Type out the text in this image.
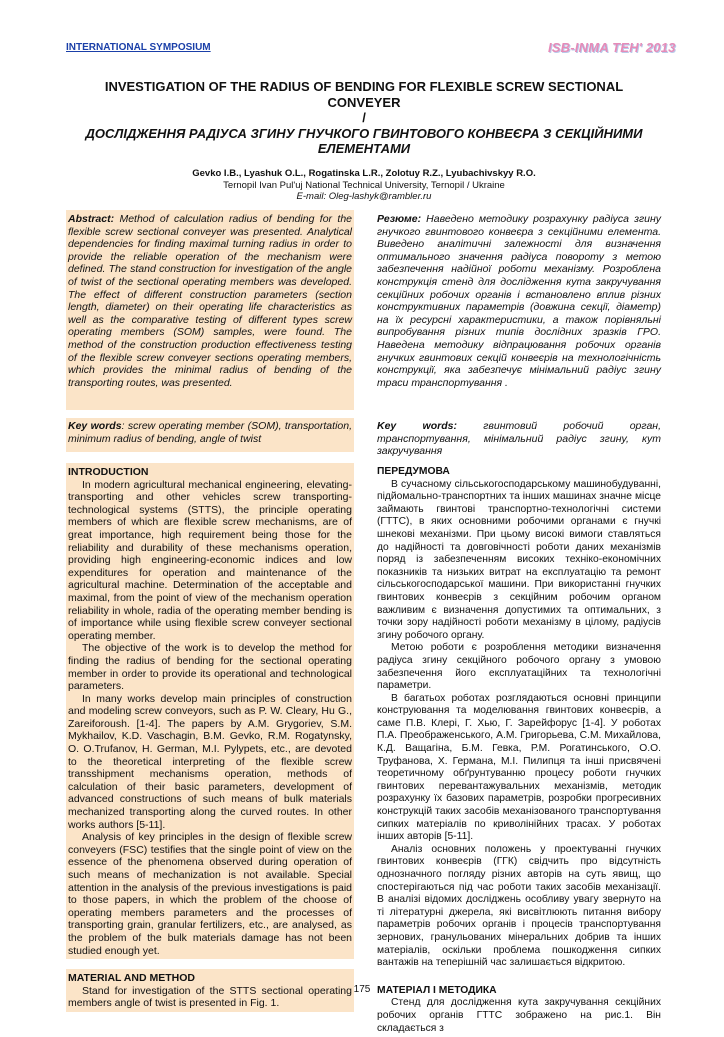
INTERNATIONAL SYMPOSIUM	ISB-INMA TEH' 2013
INVESTIGATION OF THE RADIUS OF BENDING FOR FLEXIBLE SCREW SECTIONAL
CONVEYER
/
ДОСЛІДЖЕННЯ РАДІУСА ЗГИНУ ГНУЧКОГО ГВИНТОВОГО КОНВЕЄРА З СЕКЦІЙНИМИ
ЕЛЕМЕНТАМИ
Gevko I.B., Lyashuk O.L., Rogatinska L.R., Zolotuy R.Z., Lyubachivskyy R.O.
Ternopil Ivan Pul'uj National Technical University, Ternopil / Ukraine
E-mail: Oleg-lashyk@rambler.ru
Abstract: Method of calculation radius of bending for the flexible screw sectional conveyer was presented. Analytical dependencies for finding maximal turning radius in order to provide the reliable operation of the mechanism were defined. The stand construction for investigation of the angle of twist of the sectional operating members was developed. The effect of different construction parameters (section length, diameter) on their operating life characteristics as well as the comparative testing of different types screw operating members (SOM) samples, were found. The method of the construction production effectiveness testing of the flexible screw conveyer sections operating members, which provides the minimal radius of bending of the transporting routes, was presented.
Key words: screw operating member (SOM), transportation, minimum radius of bending, angle of twist
INTRODUCTION
In modern agricultural mechanical engineering, elevating-transporting and other vehicles screw transporting-technological systems (STTS), the principle operating members of which are flexible screw mechanisms, are of great importance, high requirement being those for the reliability and durability of these mechanisms operation, providing high engineering-economic indices and low expenditures for operation and maintenance of the agricultural machine. Determination of the acceptable and maximal, from the point of view of the mechanism operation reliability in whole, radia of the operating member bending is of importance while using flexible screw conveyer sectional operating member.
The objective of the work is to develop the method for finding the radius of bending for the sectional operating member in order to provide its operational and technological parameters.
In many works develop main principles of construction and modeling screw conveyors, such as P. W. Cleary, Hu G., Zareiforoush. [1-4]. The papers by A.M. Grygoriev, S.M. Mykhailov, K.D. Vaschagin, B.M. Gevko, R.M. Rogatynsky, O. O.Trufanov, H. German, M.I. Pylypets, etc., are devoted to the theoretical interpreting of the flexible screw transshipment mechanisms operation, methods of calculation of their basic parameters, development of advanced constructions of such means of bulk materials mechanized transporting along the curved routes. In other works authors [5-11].
Analysis of key principles in the design of flexible screw conveyers (FSC) testifies that the single point of view on the essence of the phenomena observed during operation of such means of mechanization is not available. Special attention in the analysis of the previous investigations is paid to those papers, in which the problem of the choose of operating members parameters and the processes of transporting grain, granular fertilizers, etc., are analysed, as the problem of the bulk materials damage has not been studied enough yet.
MATERIAL AND METHOD
Stand for investigation of the STTS sectional operating members angle of twist is presented in Fig. 1.
Резюме: Наведено методику розрахунку радіуса згину гнучкого гвинтового конвеєра з секційними елемента. Виведено аналітичні залежності для визначення оптимального значення радіуса повороту з метою забезпечення надійної роботи механізму. Розроблена конструкція стенд для дослідження кута закручування секційних робочих органів і встановлено вплив різних конструктивних параметрів (довжина секції, діаметр) на їх ресурсні характеристики, а також порівняльні випробування різних типів дослідних зразків ГРО. Наведена методику відпрацювання робочих органів гнучких гвинтових секцій конвеєрів на технологічність конструкції, яка забезпечує мінімальний радіус згину траси транспортування .
Key words: гвинтовий робочий орган, транспортування, мінімальний радіус згину, кут закручування
ПЕРЕДУМОВА
В сучасному сільськогосподарському машинобудуванні, підйомально-транспортних та інших машинах значне місце займають гвинтові транспортно-технологічні системи (ГТТС), в яких основними робочими органами є гнучкі шнекові механізми. При цьому високі вимоги ставляться до надійності та довговічності роботи даних механізмів поряд із забезпеченням високих техніко-економічних показників та низьких витрат на експлуатацію та ремонт сільськогосподарської машини. При використанні гнучких гвинтових конвеєрів з секційним робочим органом важливим є визначення допустимих та оптимальних, з точки зору надійності роботи механізму в цілому, радіусів згину робочого органу.
Метою роботи є розроблення методики визначення радіуса згину секційного робочого органу з умовою забезпечення його експлуатаційних та технологічні параметри.
В багатьох роботах розглядаються основні принципи конструювання та моделювання гвинтових конвеєрів, а саме П.В. Клері, Г. Хью, Г. Зарейфорус [1-4]. У роботах П.А. Преображенського, А.М. Григорьева, С.М. Михайлова, К.Д. Ващагіна, Б.М. Гевка, Р.М. Рогатинського, О.О. Труфанова, Х. Германа, М.І. Пилипця та інші присвячені теоретичному обґрунтуванню процесу роботи гнучких гвинтових перевантажувальних механізмів, методик розрахунку їх базових параметрів, розробки прогресивних конструкцій таких засобів механізованого транспортування сипких матеріалів по криволінійних трасах. У роботах інших авторів [5-11].
Аналіз основних положень у проектуванні гнучких гвинтових конвеєрів (ГГК) свідчить про відсутність однозначного погляду різних авторів на суть явищ, що спостерігаються під час роботи таких засобів механізації. В аналізі відомих досліджень особливу увагу звернуто на ті літературні джерела, які висвітлюють питання вибору параметрів робочих органів і процесів транспортування зернових, гранульованих мінеральних добрив та інших матеріалів, оскільки проблема пошкодження сипких вантажів на теперішній час залишається відкритою.
МАТЕРІАЛ І МЕТОДИКА
Стенд для дослідження кута закручування секційних робочих органів ГТТС зображено на рис.1. Він складається з
175
